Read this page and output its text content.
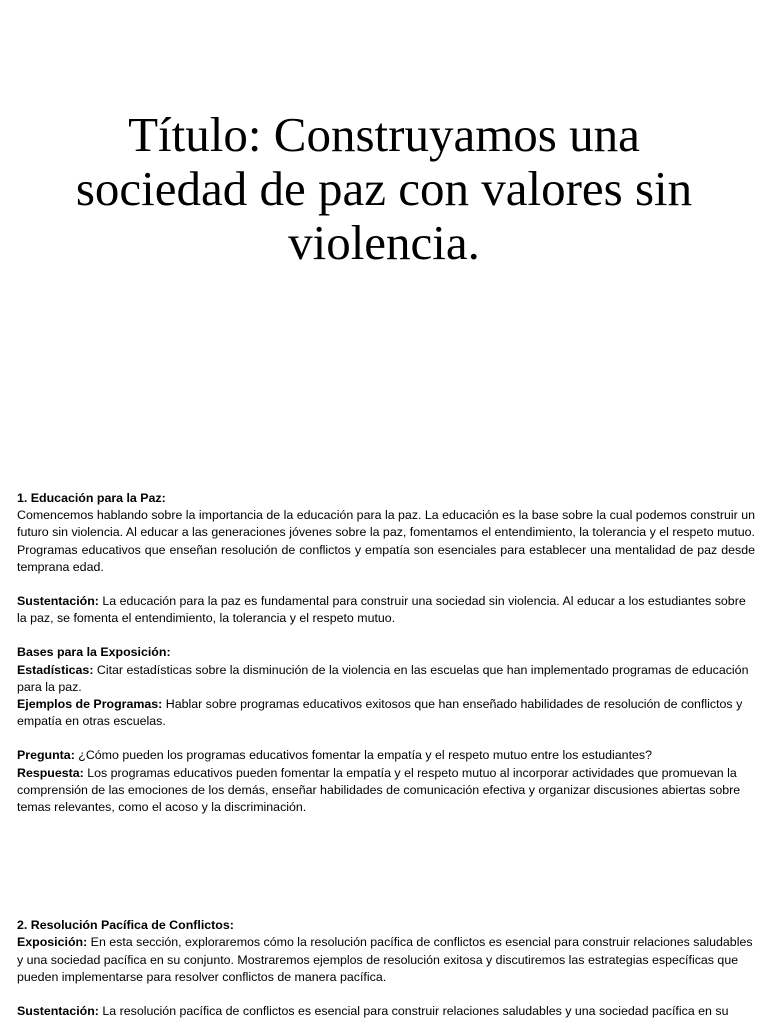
Título: Construyamos una sociedad de paz con valores sin violencia.

1. Educación para la Paz:

Comencemos hablando sobre la importancia de la educación para la paz. La educación es la base sobre la cual podemos construir un futuro sin violencia. Al educar a las generaciones jóvenes sobre la paz, fomentamos el entendimiento, la tolerancia y el respeto mutuo. Programas educativos que enseñan resolución de conflictos y empatía son esenciales para establecer una mentalidad de paz desde temprana edad.

Sustentación: La educación para la paz es fundamental para construir una sociedad sin violencia. Al educar a los estudiantes sobre la paz, se fomenta el entendimiento, la tolerancia y el respeto mutuo.

Bases para la Exposición:

Estadísticas: Citar estadísticas sobre la disminución de la violencia en las escuelas que han implementado programas de educación para la paz.

Ejemplos de Programas: Hablar sobre programas educativos exitosos que han enseñado habilidades de resolución de conflictos y empatía en otras escuelas.

Pregunta: ¿Cómo pueden los programas educativos fomentar la empatía y el respeto mutuo entre los estudiantes?

Respuesta: Los programas educativos pueden fomentar la empatía y el respeto mutuo al incorporar actividades que promuevan la comprensión de las emociones de los demás, enseñar habilidades de comunicación efectiva y organizar discusiones abiertas sobre temas relevantes, como el acoso y la discriminación.

2. Resolución Pacífica de Conflictos:

Exposición: En esta sección, exploraremos cómo la resolución pacífica de conflictos es esencial para construir relaciones saludables y una sociedad pacífica en su conjunto. Mostraremos ejemplos de resolución exitosa y discutiremos las estrategias específicas que pueden implementarse para resolver conflictos de manera pacífica.

Sustentación: La resolución pacífica de conflictos es esencial para construir relaciones saludables y una sociedad pacífica en su
